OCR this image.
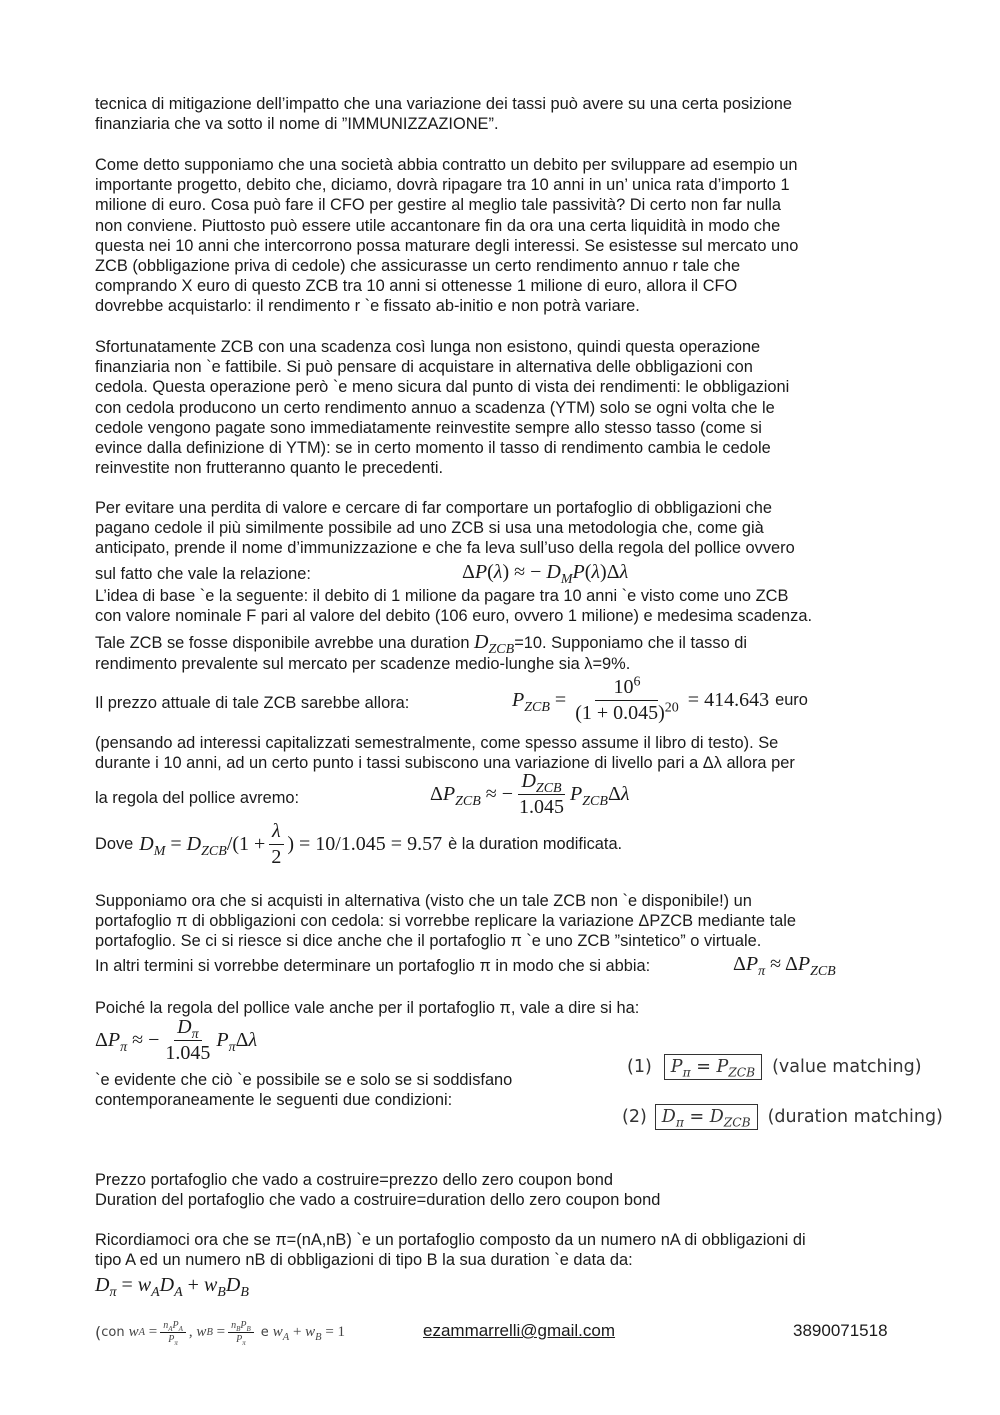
tecnica di mitigazione dell’impatto che una variazione dei tassi può avere su una certa posizione
finanziaria che va sotto il nome di ”IMMUNIZZAZIONE”.
Come detto supponiamo che una società abbia contratto un debito per sviluppare ad esempio un
importante progetto, debito che, diciamo, dovrà ripagare tra 10 anni in un’ unica rata d’importo 1
milione di euro. Cosa può fare il CFO per gestire al meglio tale passività? Di certo non far nulla
non conviene. Piuttosto può essere utile accantonare fin da ora una certa liquidità in modo che
questa nei 10 anni che intercorrono possa maturare degli interessi. Se esistesse sul mercato uno
ZCB (obbligazione priva di cedole) che assicurasse un certo rendimento annuo r tale che
comprando X euro di questo ZCB tra 10 anni si ottenesse 1 milione di euro, allora il CFO
dovrebbe acquistarlo: il rendimento r `e fissato ab-initio e non potrà variare.
Sfortunatamente ZCB con una scadenza così lunga non esistono, quindi questa operazione
finanziaria non `e fattibile. Si può pensare di acquistare in alternativa delle obbligazioni con
cedola. Questa operazione però `e meno sicura dal punto di vista dei rendimenti: le obbligazioni
con cedola producono un certo rendimento annuo a scadenza (YTM) solo se ogni volta che le
cedole vengono pagate sono immediatamente reinvestite sempre allo stesso tasso (come si
evince dalla definizione di YTM): se in certo momento il tasso di rendimento cambia le cedole
reinvestite non frutteranno quanto le precedenti.
Per evitare una perdita di valore e cercare di far comportare un portafoglio di obbligazioni che
pagano cedole il più similmente possibile ad uno ZCB si usa una metodologia che, come già
anticipato, prende il nome d’immunizzazione e che fa leva sull’uso della regola del pollice ovvero
sul fatto che vale la relazione:	ΔP(λ) ≈ − $D_MP(\lambda)\Delta\lambda$
L’idea di base `e la seguente: il debito di 1 milione da pagare tra 10 anni `e visto come uno ZCB
con valore nominale F pari al valore del debito (106 euro, ovvero 1 milione) e medesima scadenza.
Tale ZCB se fosse disponibile avrebbe una duration $D_{ZCB}=10$. Supponiamo che il tasso di
rendimento prevalente sul mercato per scadenze medio-lunghe sia λ=9%.
Il prezzo attuale di tale ZCB sarebbe allora:	$P_{ZCB} = \frac{10^6}{(1 + 0.045)^{20}} = 414.643$ euro
(pensando ad interessi capitalizzati semestralmente, come spesso assume il libro di testo). Se
durante i 10 anni, ad un certo punto i tassi subiscono una variazione di livello pari a Δλ allora per
la regola del pollice avremo:	$\Delta P_{ZCB}$ ≈ − $\frac{D_{ZCB}}{1.045} P_{ZCB}\Delta\lambda$
Dove $D_M = D_{ZCB}/(1 + \frac{\lambda}{2}$ ) = 10/1.045 = 9.57 è la duration modificata.
Supponiamo ora che si acquisti in alternativa (visto che un tale ZCB non `e disponibile!) un
portafoglio π di obbligazioni con cedola: si vorrebbe replicare la variazione ΔPZCB mediante tale
portafoglio. Se ci si riesce si dice anche che il portafoglio π `e uno ZCB ”sintetico” o virtuale.
In altri termini si vorrebbe determinare un portafoglio π in modo che si abbia:	$\Delta P_\pi \approx \Delta P_{ZCB}$
Poiché la regola del pollice vale anche per il portafoglio π, vale a dire si ha:
$\Delta P_\pi$ ≈ − $\frac{D_\pi}{1.045} P_\pi\Delta\lambda$
`e evidente che ciò `e possibile se e solo se si soddisfano
contemporaneamente le seguenti due condizioni:
(1)	$P_\pi = P_{ZCB}$ (value matching)
(2) $D_\pi = D_{ZCB}$ (duration matching)
Prezzo portafoglio che vado a costruire=prezzo dello zero coupon bond
Duration del portafoglio che vado a costruire=duration dello zero coupon bond
Ricordiamoci ora che se π=(nA,nB) `e un portafoglio composto da un numero nA di obbligazioni di
tipo A ed un numero nB di obbligazioni di tipo B la sua duration `e data da:
$D_\pi = w_AD_A + w_BD_B$
( con w $A = \frac{n_AP_A}{P_\pi}$ , w $B = \frac{n_BP_B}{P_\pi}$ e $w_A + w_B = 1$	ezammarrelli@gmail.com	3890071518
